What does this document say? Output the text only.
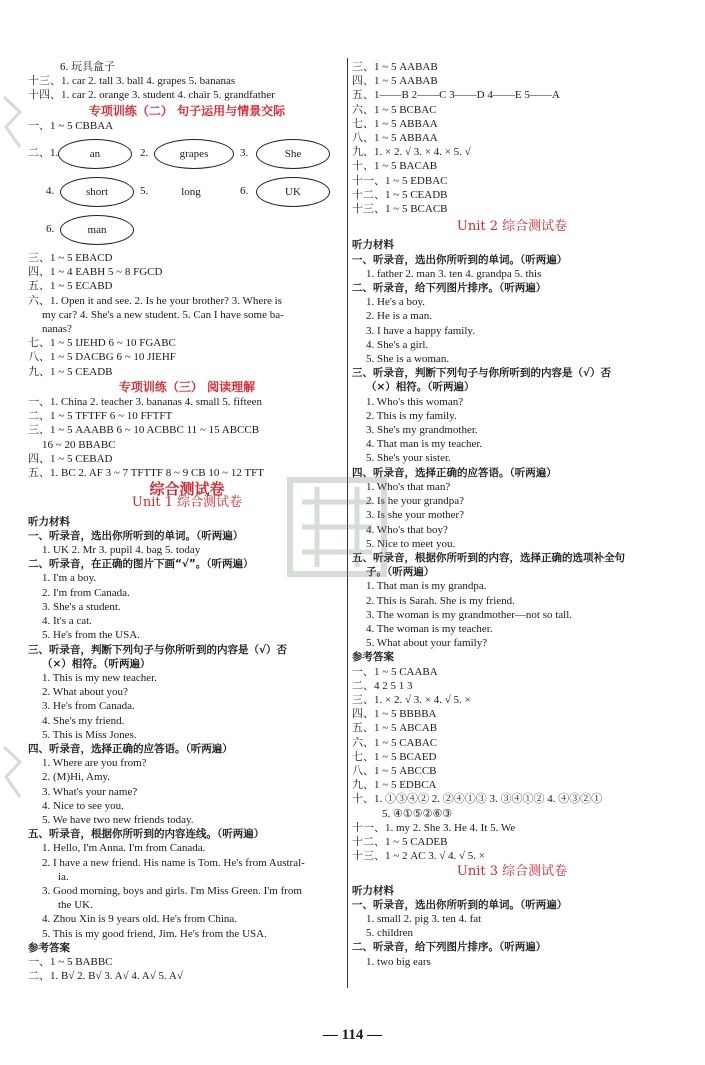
6. 玩具盒子
十三、1. car 2. tall 3. ball 4. grapes 5. bananas
十四、1. car 2. orange 3. student 4. chair 5. grandfather
专项训练（二） 句子运用与情景交际
一、1 ~ 5 CBBAA
二、1.	an	2.	grapes	3.	She
4.	short	5.	long	6.	UK
6.	man
三、1 ~ 5 EBACD
四、1 ~ 4 EABH 5 ~ 8 FGCD
五、1 ~ 5 ECABD
六、1. Open it and see. 2. Is he your brother? 3. Where is
my car? 4. She's a new student. 5. Can I have some ba-
nanas?
七、1 ~ 5 IJEHD 6 ~ 10 FGABC
八、1 ~ 5 DACBG 6 ~ 10 JIEHF
九、1 ~ 5 CEADB
专项训练（三） 阅读理解
一、1. China 2. teacher 3. bananas 4. small 5. fifteen
二、1 ~ 5 TFTFF 6 ~ 10 FFTFT
三、1 ~ 5 AAABB 6 ~ 10 ACBBC 11 ~ 15 ABCCB
16 ~ 20 BBABC
四、1 ~ 5 CEBAD
五、1. BC 2. AF 3 ~ 7 TFTTF 8 ~ 9 CB 10 ~ 12 TFT
综合测试卷
Unit 1 综合测试卷
听力材料
一、听录音，选出你所听到的单词。（听两遍）
1. UK 2. Mr 3. pupil 4. bag 5. today
二、听录音，在正确的图片下画“√”。（听两遍）
1. I'm a boy.
2. I'm from Canada.
3. She's a student.
4. It's a cat.
5. He's from the USA.
三、听录音，判断下列句子与你所听到的内容是（√）否
（×）相符。（听两遍）
1. This is my new teacher.
2. What about you?
3. He's from Canada.
4. She's my friend.
5. This is Miss Jones.
四、听录音，选择正确的应答语。（听两遍）
1. Where are you from?
2. (M)Hi, Amy.
3. What's your name?
4. Nice to see you.
5. We have two new friends today.
五、听录音，根据你所听到的内容连线。（听两遍）
1. Hello, I'm Anna. I'm from Canada.
2. I have a new friend. His name is Tom. He's from Austral-
ia.
3. Good morning, boys and girls. I'm Miss Green. I'm from
the UK.
4. Zhou Xin is 9 years old. He's from China.
5. This is my good friend, Jim. He's from the USA.
参考答案
一、1 ~ 5 BABBC
二、1. B√ 2. B√ 3. A√ 4. A√ 5. A√
三、1 ~ 5 AABAB
四、1 ~ 5 AABAB
五、1——B 2——C 3——D 4——E 5——A
六、1 ~ 5 BCBAC
七、1 ~ 5 ABBAA
八、1 ~ 5 ABBAA
九、1. × 2. √ 3. × 4. × 5. √
十、1 ~ 5 BACAB
十一、1 ~ 5 EDBAC
十二、1 ~ 5 CEADB
十三、1 ~ 5 BCACB
Unit 2 综合测试卷
听力材料
一、听录音，选出你所听到的单词。（听两遍）
1. father 2. man 3. ten 4. grandpa 5. this
二、听录音，给下列图片排序。（听两遍）
1. He's a boy.
2. He is a man.
3. I have a happy family.
4. She's a girl.
5. She is a woman.
三、听录音，判断下列句子与你所听到的内容是（√）否
（×）相符。（听两遍）
1. Who's this woman?
2. This is my family.
3. She's my grandmother.
4. That man is my teacher.
5. She's your sister.
四、听录音，选择正确的应答语。（听两遍）
1. Who's that man?
2. Is he your grandpa?
3. Is she your mother?
4. Who's that boy?
5. Nice to meet you.
五、听录音，根据你所听到的内容，选择正确的选项补全句
子。（听两遍）
1. That man is my grandpa.
2. This is Sarah. She is my friend.
3. The woman is my grandmother—not so tall.
4. The woman is my teacher.
5. What about your family?
参考答案
一、1 ~ 5 CAABA
二、4 2 5 1 3
三、1. × 2. √ 3. × 4. √ 5. ×
四、1 ~ 5 BBBBA
五、1 ~ 5 ABCAB
六、1 ~ 5 CABAC
七、1 ~ 5 BCAED
八、1 ~ 5 ABCCB
九、1 ~ 5 EDBCA
十、1. ①③④② 2. ②④①③ 3. ③④①② 4. ④③②①
5. ④①⑤②⑥③
十一、1. my 2. She 3. He 4. It 5. We
十二、1 ~ 5 CADEB
十三、1 ~ 2 AC 3. √ 4. √ 5. ×
Unit 3 综合测试卷
听力材料
一、听录音，选出你所听到的单词。（听两遍）
1. small 2. pig 3. ten 4. fat
5. children
二、听录音，给下列图片排序。（听两遍）
1. two big ears
— 114 —
